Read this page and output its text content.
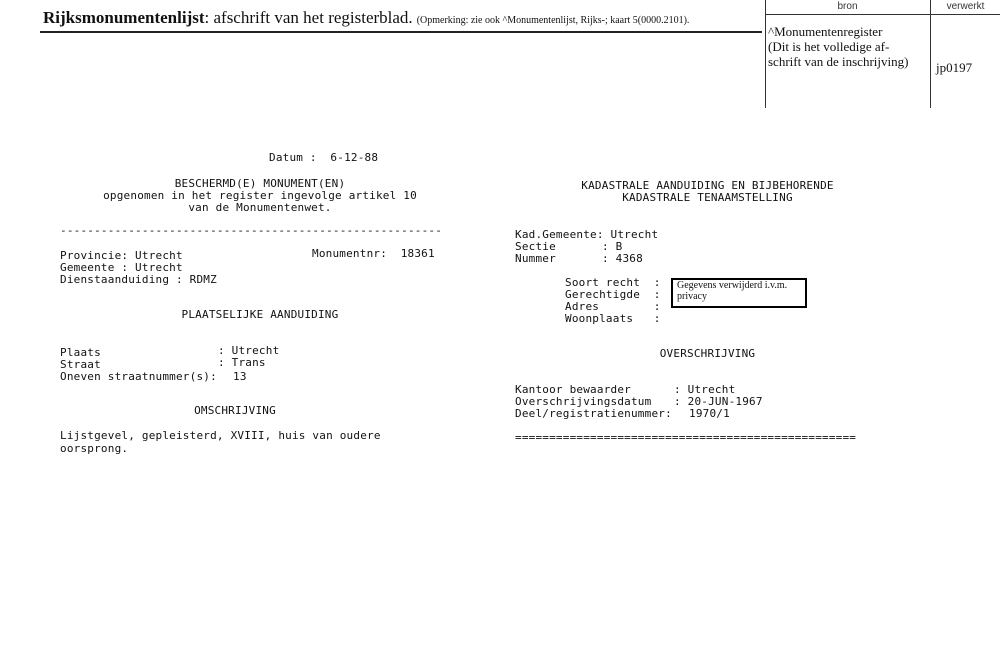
Rijksmonumentenlijst: afschrift van het registerblad. (Opmerking: zie ook ^Monumentenlijst, Rijks-; kaart 5(0000.2101).
bron	verwerkt
^Monumentenregister
(Dit is het volledige af-
schrift van de inschrijving)	jp0197
Datum : 6-12-88
BESCHERMD(E) MONUMENT(EN)
opgenomen in het register ingevolge artikel 10
van de Monumentenwet.
--------------------------------------------------------
Provincie: Utrecht	Monumentnr: 18361
Gemeente : Utrecht
Dienstaanduiding : RDMZ
PLAATSELIJKE AANDUIDING
Plaats	: Utrecht
Straat	: Trans
Oneven straatnummer(s): 13
OMSCHRIJVING
Lijstgevel, gepleisterd, XVIII, huis van oudere
oorsprong.
KADASTRALE AANDUIDING EN BIJBEHORENDE
KADASTRALE TENAAMSTELLING
Kad.Gemeente: Utrecht
Sectie	: B
Nummer	: 4368
Soort recht  :
Gerechtigde  :
Adres        :
Woonplaats   :
OVERSCHRIJVING
Kantoor bewaarder	: Utrecht
Overschrijvingsdatum : 20-JUN-1967
Deel/registratienummer: 1970/1
==================================================
Gegevens verwijderd i.v.m. privacy
